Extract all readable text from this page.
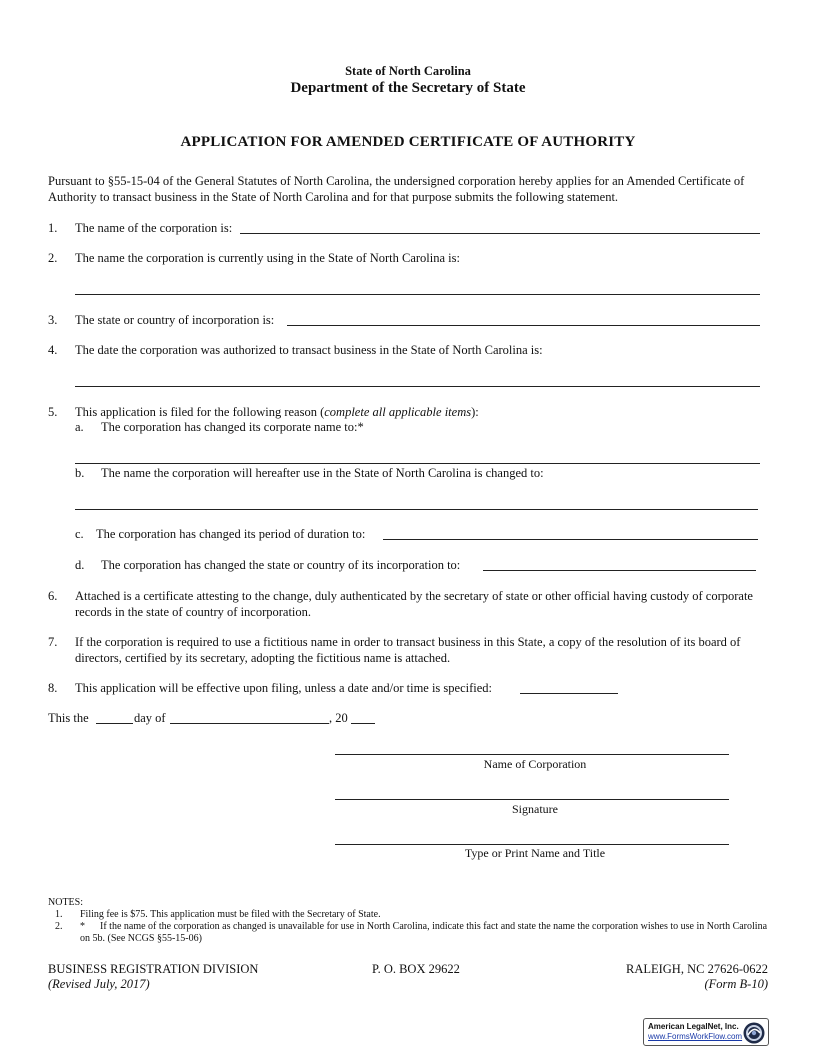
State of North Carolina
Department of the Secretary of State
APPLICATION FOR AMENDED CERTIFICATE OF AUTHORITY
Pursuant to §55-15-04 of the General Statutes of North Carolina, the undersigned corporation hereby applies for an Amended Certificate of Authority to transact business in the State of North Carolina and for that purpose submits the following statement.
1. The name of the corporation is:
2. The name the corporation is currently using in the State of North Carolina is:
3. The state or country of incorporation is:
4. The date the corporation was authorized to transact business in the State of North Carolina is:
5. This application is filed for the following reason (complete all applicable items):
a. The corporation has changed its corporate name to:*
b. The name the corporation will hereafter use in the State of North Carolina is changed to:
c. The corporation has changed its period of duration to:
d. The corporation has changed the state or country of its incorporation to:
6. Attached is a certificate attesting to the change, duly authenticated by the secretary of state or other official having custody of corporate records in the state of country of incorporation.
7. If the corporation is required to use a fictitious name in order to transact business in this State, a copy of the resolution of its board of directors, certified by its secretary, adopting the fictitious name is attached.
8. This application will be effective upon filing, unless a date and/or time is specified:
This the	day of	, 20
Name of Corporation
Signature
Type or Print Name and Title
NOTES:
1. Filing fee is $75. This application must be filed with the Secretary of State.
2. *	If the name of the corporation as changed is unavailable for use in North Carolina, indicate this fact and state the name the corporation wishes to use in North Carolina on 5b. (See NCGS §55-15-06)
BUSINESS REGISTRATION DIVISION	P. O. BOX 29622	RALEIGH, NC 27626-0622
(Revised July, 2017)	(Form B-10)
American LegalNet, Inc.
www.FormsWorkFlow.com
